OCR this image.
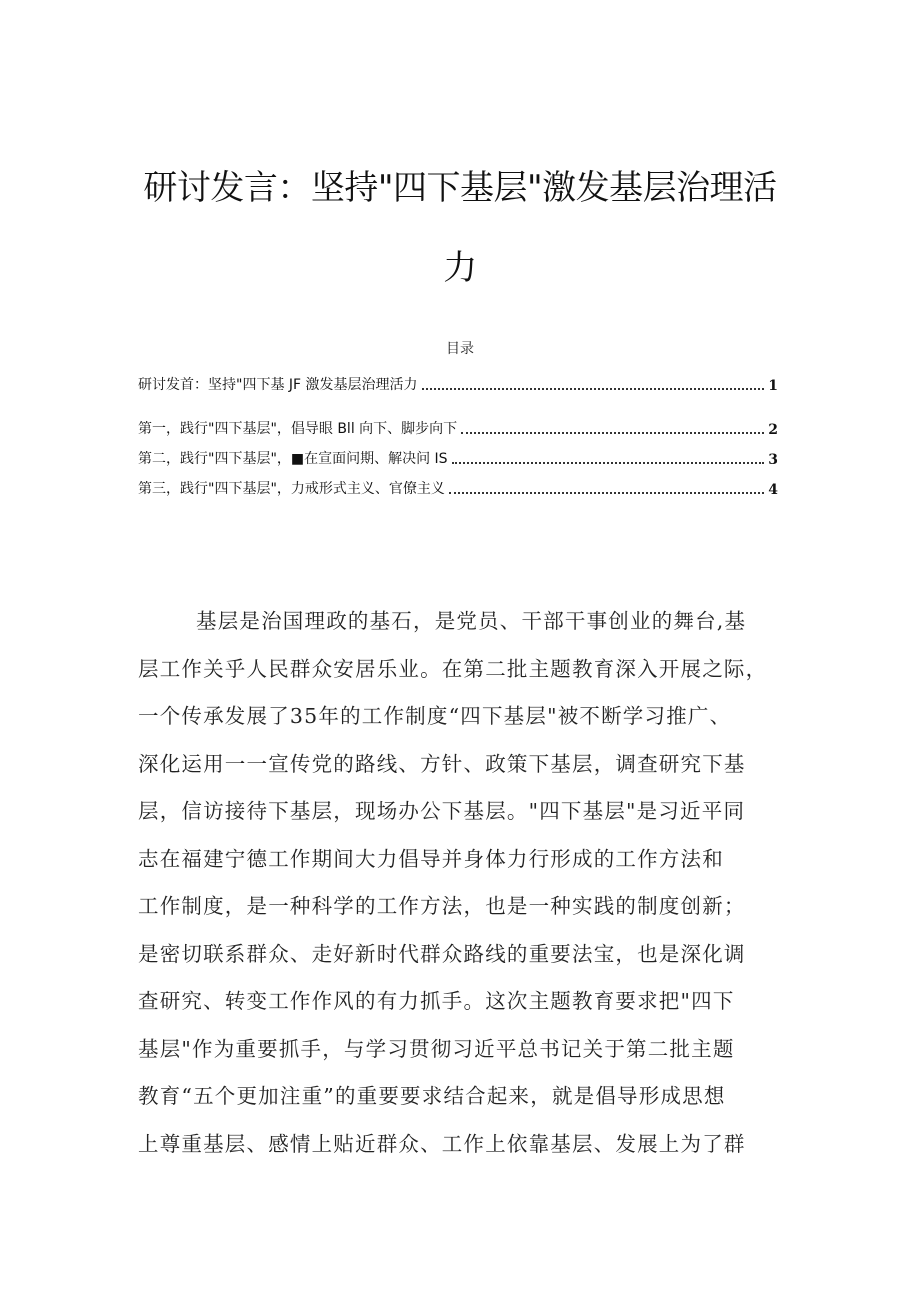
研讨发言：坚持"四下基层"激发基层治理活
力
目录
研讨发首：坚持"四下基 JF 激发基层治理活力	1
第一，践行"四下基层"，倡导眼 Bll 向下、脚步向下	2
第二，践行"四下基层"，■在宣面问期、解决问 IS	3
第三，践行"四下基层"，力戒形式主义、官僚主义	4
基层是治国理政的基石，是党员、干部干事创业的舞台,基
层工作关乎人民群众安居乐业。在第二批主题教育深入开展之际，
一个传承发展了35年的工作制度“四下基层"被不断学习推广、
深化运用一一宣传党的路线、方针、政策下基层，调查研究下基
层，信访接待下基层，现场办公下基层。"四下基层"是习近平同
志在福建宁德工作期间大力倡导并身体力行形成的工作方法和
工作制度，是一种科学的工作方法，也是一种实践的制度创新；
是密切联系群众、走好新时代群众路线的重要法宝，也是深化调
查研究、转变工作作风的有力抓手。这次主题教育要求把"四下
基层"作为重要抓手，与学习贯彻习近平总书记关于第二批主题
教育“五个更加注重”的重要要求结合起来，就是倡导形成思想
上尊重基层、感情上贴近群众、工作上依靠基层、发展上为了群
